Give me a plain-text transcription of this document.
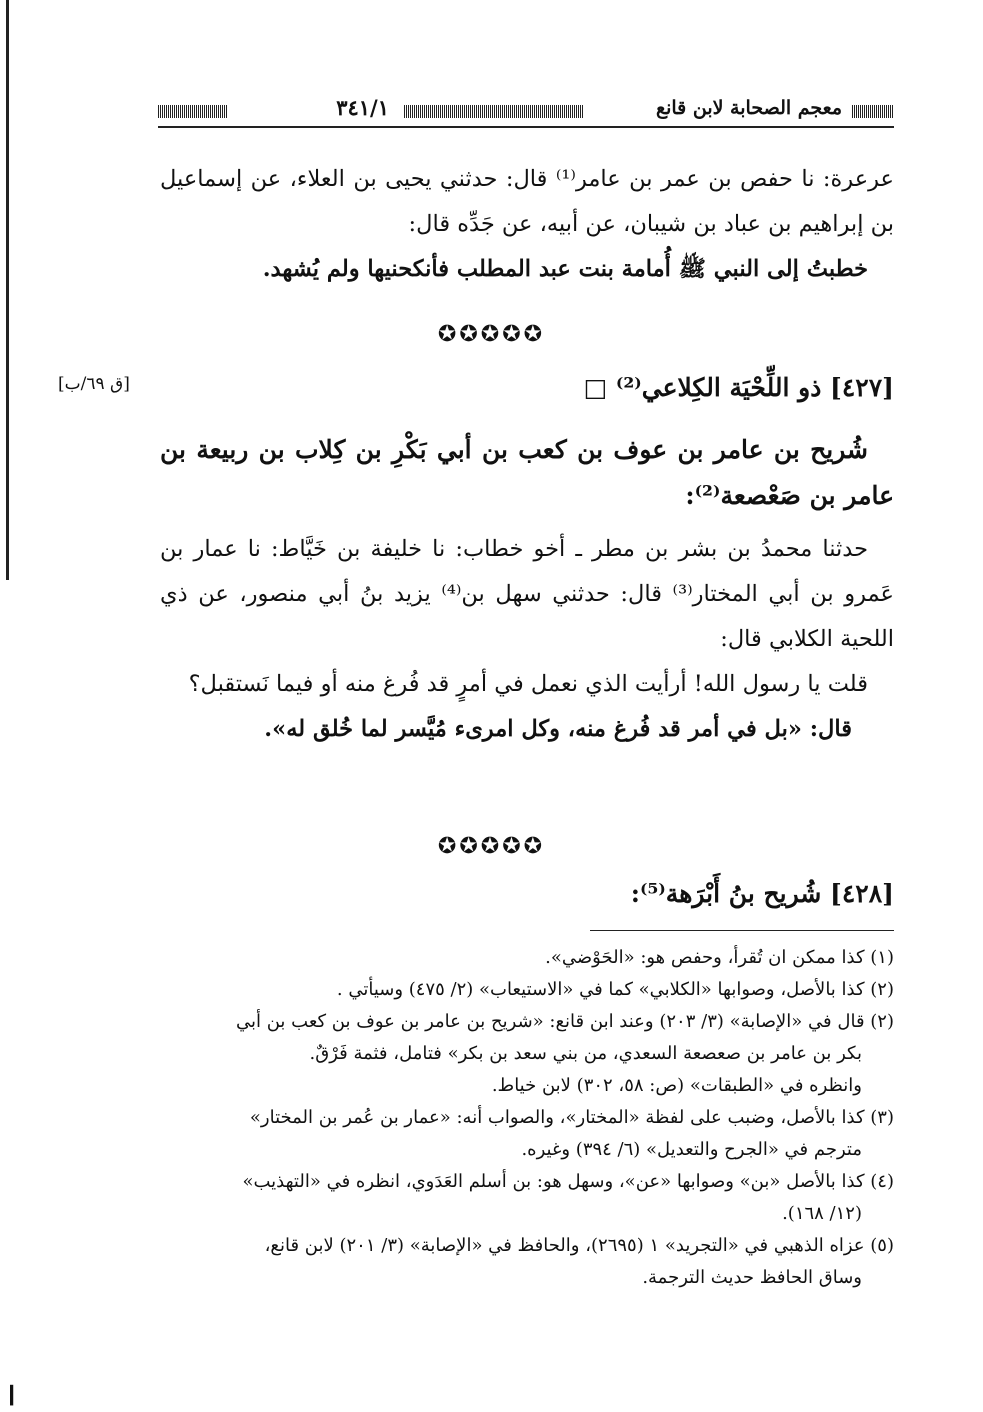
معجم الصحابة لابن قانع
٣٤١/١

عرعرة: نا حفص بن عمر بن عامر⁽¹⁾ قال: حدثني يحيى بن العلاء، عن إسماعيل بن إبراهيم بن عباد بن شيبان، عن أبيه، عن جَدِّه قال:

خطبتُ إلى النبي ﷺ أُمامة بنت عبد المطلب فأنكحنيها ولم يُشهد.

✪✪✪✪✪
[٤٢٧] ذو اللِّحْيَة الكِلاعي⁽²⁾ □
[ق ٦٩/ب]

شُريح بن عامر بن عوف بن كعب بن أبي بَكْرِ بن كِلاب بن ربيعة بن عامر بن صَعْصعة⁽²⁾:

حدثنا محمدُ بن بشر بن مطر ـ أخو خطاب: نا خليفة بن خَيَّاط: نا عمار بن عَمرو بن أبي المختار⁽³⁾ قال: حدثني سهل بن⁽⁴⁾ يزيد بنُ أبي منصور، عن ذي اللحية الكلابي قال:

قلت يا رسول الله! أرأيت الذي نعمل في أمرٍ قد فُرغ منه أو فيما نَستقبل؟

قال: «بل في أمر قد فُرغ منه، وكل امرىء مُيَّسر لما خُلق له».

✪✪✪✪✪
[٤٢٨] شُريح بنُ أَبْرَهة⁽⁵⁾:

(١) كذا ممكن ان تُقرأ، وحفص هو: «الحَوْضي».

(٢) كذا بالأصل، وصوابها «الكلابي» كما في «الاستيعاب» (٢/ ٤٧٥) وسيأتي .

(٢) قال في «الإصابة» (٣/ ٢٠٣) وعند ابن قانع: «شريح بن عامر بن عوف بن كعب بن أبي

بكر بن عامر بن صعصعة السعدي، من بني سعد بن بكر» فتامل، فثمة فَرْقٌ.

وانظره في «الطبقات» (ص: ٥٨، ٣٠٢) لابن خياط.

(٣) كذا بالأصل، وضبب على لفظة «المختار»، والصواب أنه: «عمار بن عُمر بن المختار»

مترجم في «الجرح والتعديل» (٦/ ٣٩٤) وغيره.

(٤) كذا بالأصل «بن» وصوابها «عن»، وسهل هو: بن أسلم العَدَوي، انظره في «التهذيب»

(١٢/ ١٦٨).

(٥) عزاه الذهبي في «التجريد» ١ (٢٦٩٥)، والحافظ في «الإصابة» (٣/ ٢٠١) لابن قانع،

وساق الحافظ حديث الترجمة.

ا
